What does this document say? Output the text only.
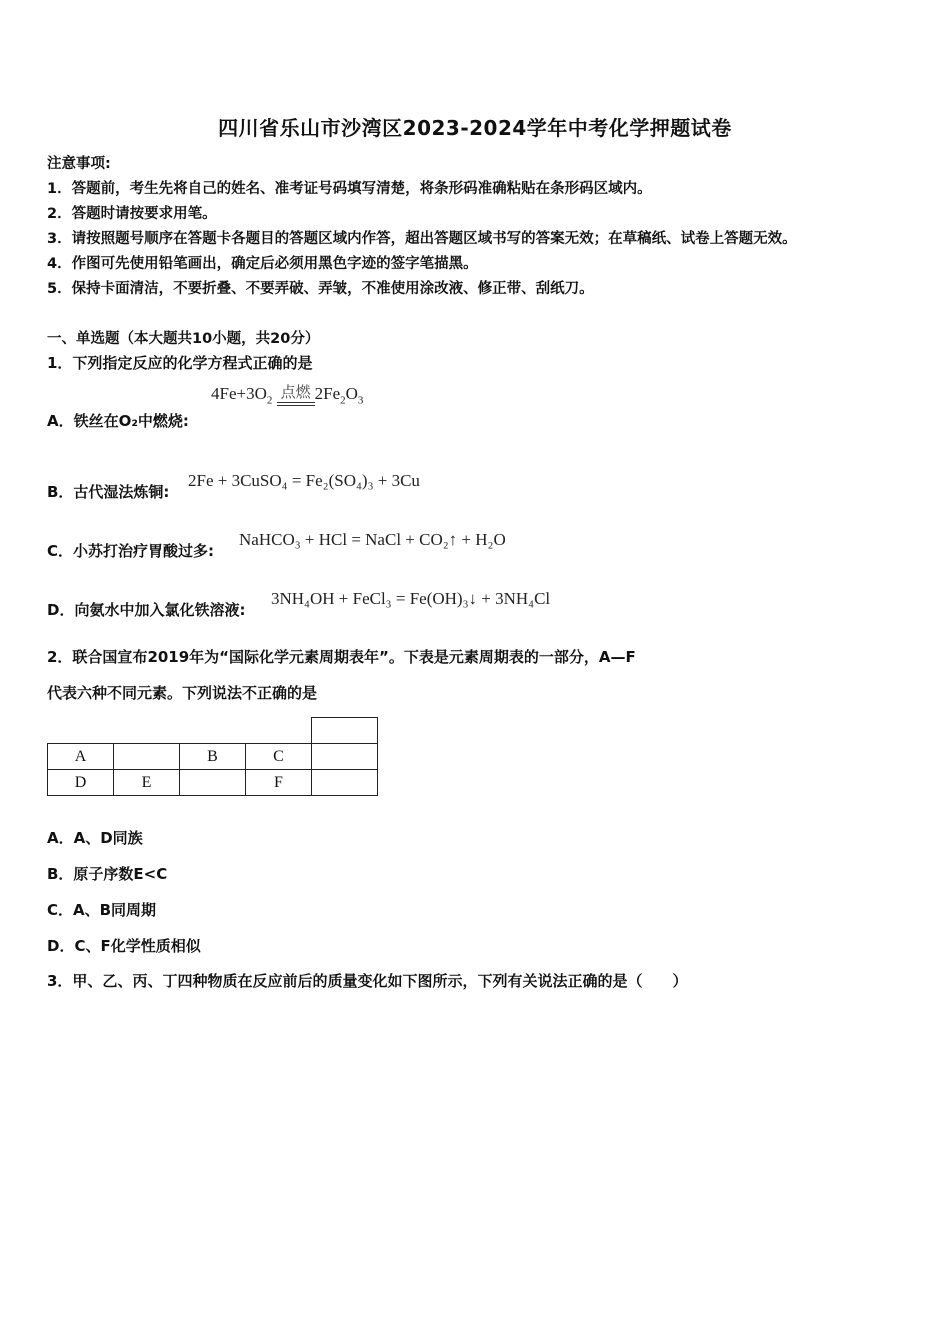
四川省乐山市沙湾区2023-2024学年中考化学押题试卷
注意事项:
1．答题前，考生先将自己的姓名、准考证号码填写清楚，将条形码准确粘贴在条形码区域内。
2．答题时请按要求用笔。
3．请按照题号顺序在答题卡各题目的答题区域内作答，超出答题区域书写的答案无效；在草稿纸、试卷上答题无效。
4．作图可先使用铅笔画出，确定后必须用黑色字迹的签字笔描黑。
5．保持卡面清洁，不要折叠、不要弄破、弄皱，不准使用涂改液、修正带、刮纸刀。
一、单选题（本大题共10小题，共20分）
1．下列指定反应的化学方程式正确的是
A．铁丝在O₂中燃烧:
$4Fe+3O_2$ 点燃 $2Fe_2O_3$
B．古代湿法炼铜:
2Fe + 3CuSO₄ = Fe₂(SO₄)₃ + 3Cu
C．小苏打治疗胃酸过多:
NaHCO₃ + HCl = NaCl + CO₂↑ + H₂O
D．向氨水中加入氯化铁溶液:
3NH₄OH + FeCl₃ = Fe(OH)₃↓ + 3NH₄Cl
2．联合国宣布2019年为“国际化学元素周期表年”。下表是元素周期表的一部分，A—F
代表六种不同元素。下列说法不正确的是

A		B	C	
D	E		F	
A．A、D同族
B．原子序数E<C
C．A、B同周期
D．C、F化学性质相似
3．甲、乙、丙、丁四种物质在反应前后的质量变化如下图所示，下列有关说法正确的是（　　）
